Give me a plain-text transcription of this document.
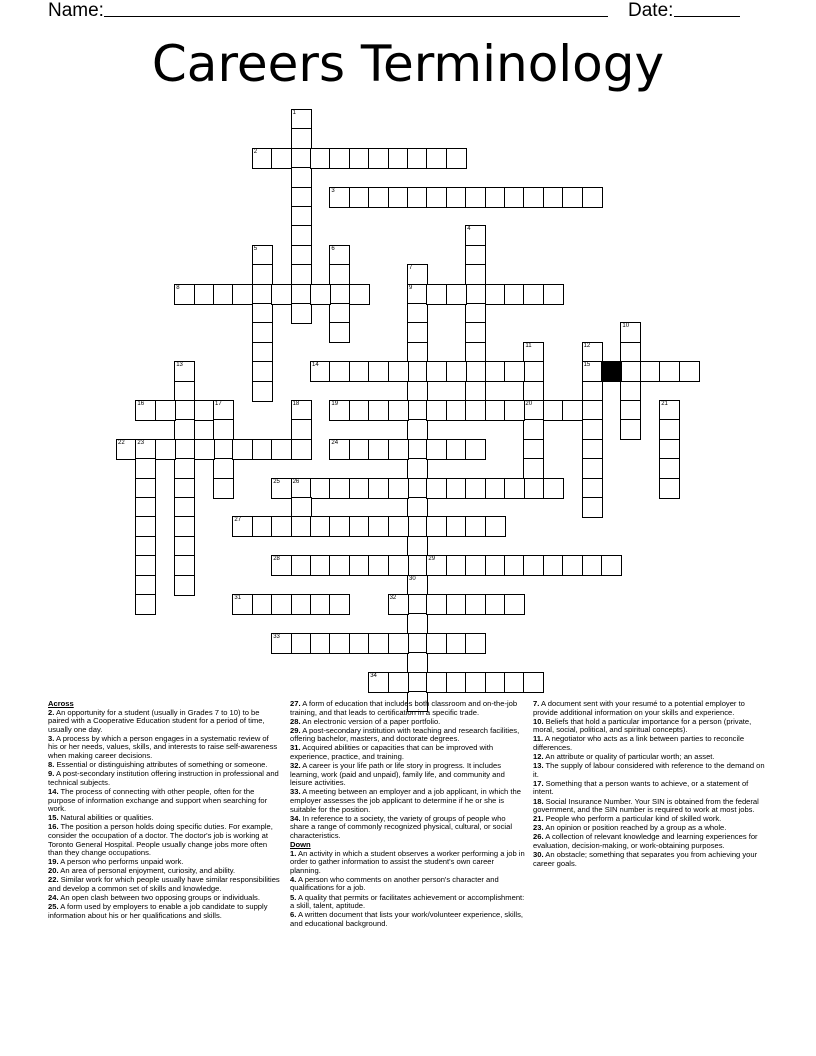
Name:	Date:
Careers Terminology
1
2
3
4
5	6
7
9
30
8
10
11
20
12
15
13	14
16	17	18	19	21
22 23	24
25 26
27
28	29
31	32
33
34
Across

2. An opportunity for a student (usually in Grades 7 to 10) to be paired with a Cooperative Education student for a period of time, usually one day.

3. A process by which a person engages in a systematic review of his or her needs, values, skills, and interests to raise self-awareness when making career decisions.

8. Essential or distinguishing attributes of something or someone.

9. A post-secondary institution offering instruction in professional and technical subjects.

14. The process of connecting with other people, often for the purpose of information exchange and support when searching for work.

15. Natural abilities or qualities.

16. The position a person holds doing specific duties. For example, consider the occupation of a doctor. The doctor's job is working at Toronto General Hospital. People usually change jobs more often than they change occupations.

19. A person who performs unpaid work.

20. An area of personal enjoyment, curiosity, and ability.

22. Similar work for which people usually have similar responsibilities and develop a common set of skills and knowledge.

24. An open clash between two opposing groups or individuals.

25. A form used by employers to enable a job candidate to supply information about his or her qualifications and skills.

27. A form of education that includes both classroom and on-the-job training, and that leads to certification in a specific trade.

28. An electronic version of a paper portfolio.

29. A post-secondary institution with teaching and research facilities, offering bachelor, masters, and doctorate degrees.

31. Acquired abilities or capacities that can be improved with experience, practice, and training.

32. A career is your life path or life story in progress. It includes learning, work (paid and unpaid), family life, and community and leisure activities.

33. A meeting between an employer and a job applicant, in which the employer assesses the job applicant to determine if he or she is suitable for the position.

34. In reference to a society, the variety of groups of people who share a range of commonly recognized physical, cultural, or social characteristics.

Down

1. An activity in which a student observes a worker performing a job in order to gather information to assist the student's own career planning.

4. A person who comments on another person's character and qualifications for a job.

5. A quality that permits or facilitates achievement or accomplishment: a skill, talent, aptitude.

6. A written document that lists your work/volunteer experience, skills, and educational background.

7. A document sent with your resumé to a potential employer to provide additional information on your skills and experience.

10. Beliefs that hold a particular importance for a person (private, moral, social, political, and spiritual concepts).

11. A negotiator who acts as a link between parties to reconcile differences.

12. An attribute or quality of particular worth; an asset.

13. The supply of labour considered with reference to the demand on it.

17. Something that a person wants to achieve, or a statement of intent.

18. Social Insurance Number. Your SIN is obtained from the federal government, and the SIN number is required to work at most jobs.

21. People who perform a particular kind of skilled work.

23. An opinion or position reached by a group as a whole.

26. A collection of relevant knowledge and learning experiences for evaluation, decision-making, or work-obtaining purposes.

30. An obstacle; something that separates you from achieving your career goals.
